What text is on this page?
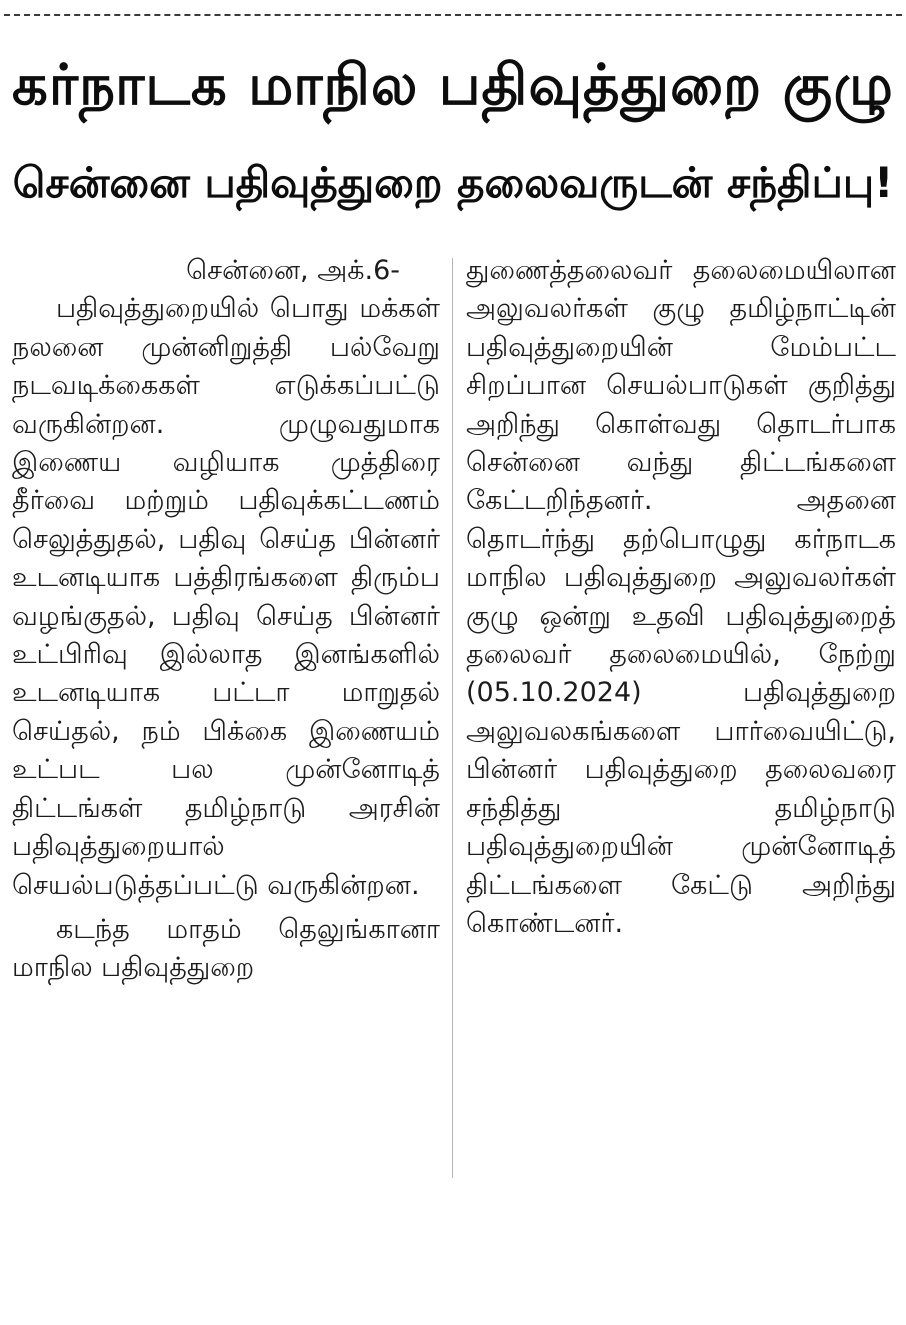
கர்நாடக மாநில பதிவுத்துறை குழு
சென்னை பதிவுத்துறை தலைவருடன் சந்திப்பு!

சென்னை, அக்.6-

பதிவுத்துறையில் பொது மக்கள் நலனை முன்னிறுத்தி பல்வேறு நடவடிக்கைகள் எடுக்கப்பட்டு வருகின்றன. முழுவதுமாக இணைய வழியாக முத்திரை தீர்வை மற்றும் பதிவுக்கட்டணம் செலுத்துதல், பதிவு செய்த பின்னர் உடனடியாக பத்திரங்களை திரும்ப வழங்குதல், பதிவு செய்த பின்னர் உட்பிரிவு இல்லாத இனங்களில் உடனடியாக பட்டா மாறுதல் செய்தல், நம் பிக்கை இணையம் உட்பட பல முன்னோடித் திட்டங்கள் தமிழ்நாடு அரசின் பதிவுத்துறையால் செயல்படுத்தப்பட்டு வருகின்றன.

கடந்த மாதம் தெலுங்கானா மாநில பதிவுத்துறை

துணைத்தலைவர் தலைமையிலான அலுவலர்கள் குழு தமிழ்நாட்டின் பதிவுத்துறையின் மேம்பட்ட சிறப்பான செயல்பாடுகள் குறித்து அறிந்து கொள்வது தொடர்பாக சென்னை வந்து திட்டங்களை கேட்டறிந்தனர். அதனை தொடர்ந்து தற்பொழுது கர்நாடக மாநில பதிவுத்துறை அலுவலர்கள் குழு ஒன்று உதவி பதிவுத்துறைத் தலைவர் தலைமையில், நேற்று (05.10.2024) பதிவுத்துறை அலுவலகங்களை பார்வையிட்டு, பின்னர் பதிவுத்துறை தலைவரை சந்தித்து தமிழ்நாடு பதிவுத்துறையின் முன்னோடித் திட்டங்களை கேட்டு அறிந்து கொண்டனர்.
